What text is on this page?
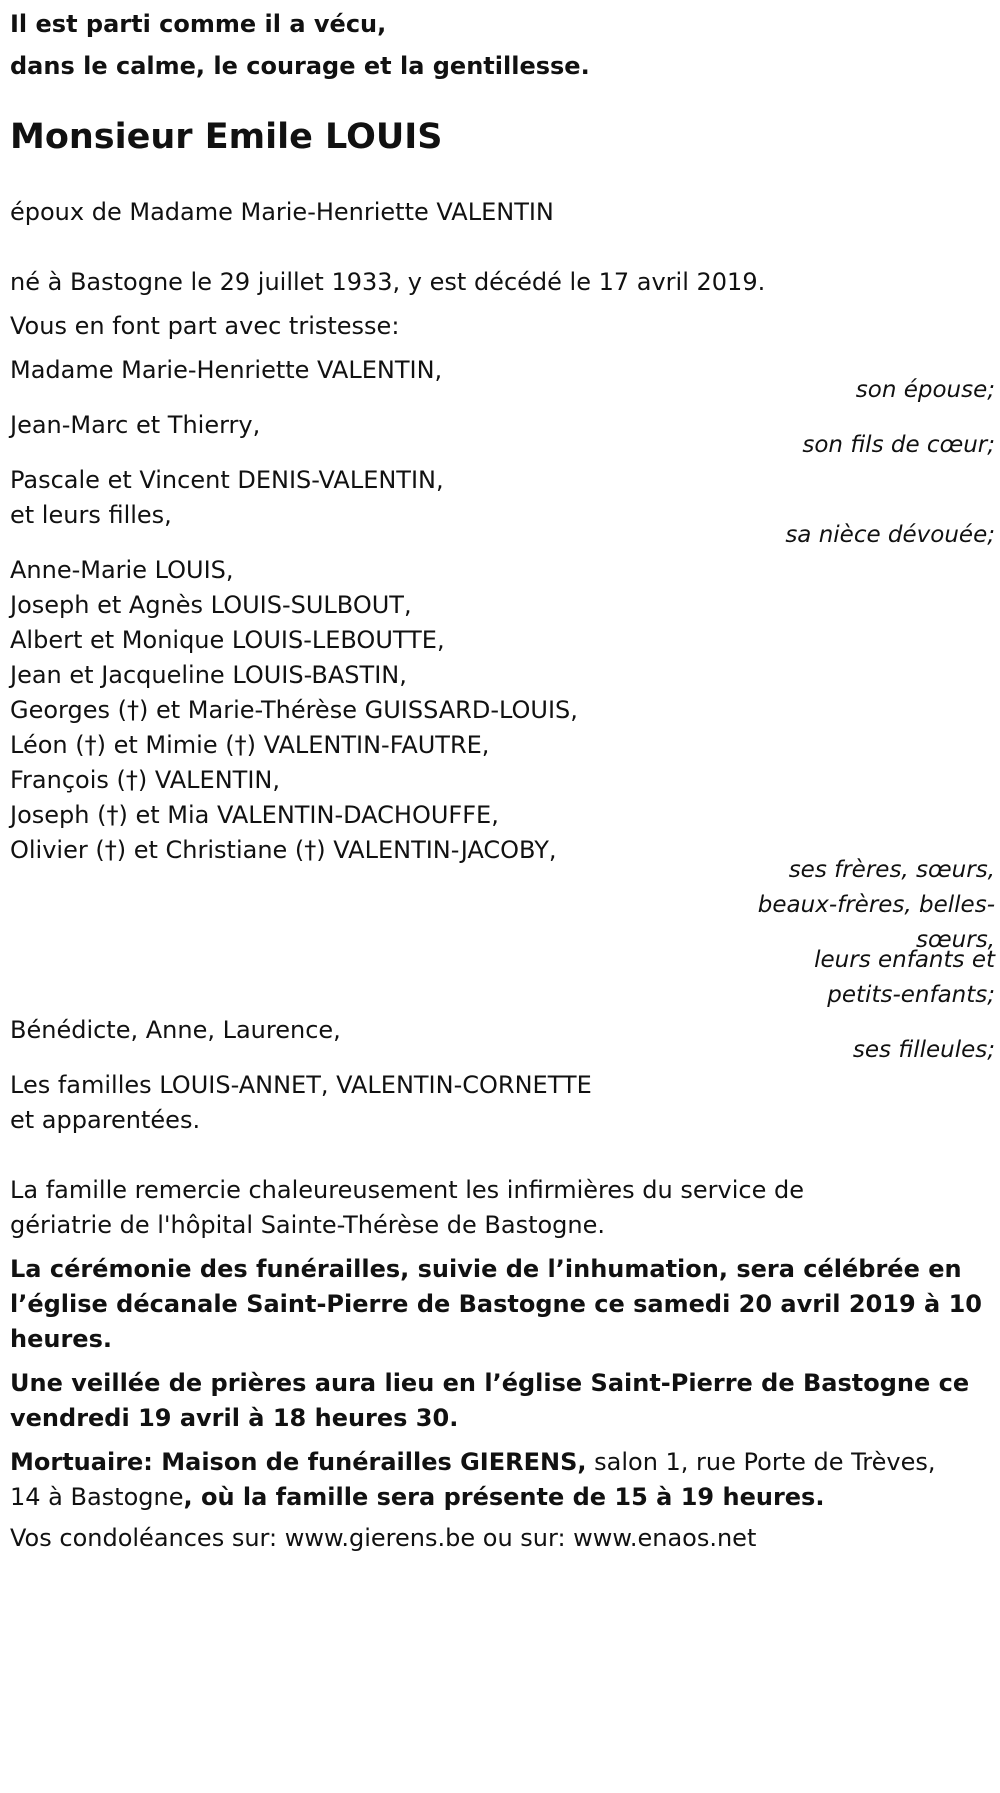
Il est parti comme il a vécu,
dans le calme, le courage et la gentillesse.
Monsieur Emile LOUIS
époux de Madame Marie-Henriette VALENTIN
né à Bastogne le 29 juillet 1933, y est décédé le 17 avril 2019.
Vous en font part avec tristesse:
Madame Marie-Henriette VALENTIN,
son épouse;
Jean-Marc et Thierry,
son fils de cœur;
Pascale et Vincent DENIS-VALENTIN,
et leurs filles,
sa nièce dévouée;
Anne-Marie LOUIS,
Joseph et Agnès LOUIS-SULBOUT,
Albert et Monique LOUIS-LEBOUTTE,
Jean et Jacqueline LOUIS-BASTIN,
Georges (†) et Marie-Thérèse GUISSARD-LOUIS,
Léon (†) et Mimie (†) VALENTIN-FAUTRE,
François (†) VALENTIN,
Joseph (†) et Mia VALENTIN-DACHOUFFE,
Olivier (†) et Christiane (†) VALENTIN-JACOBY,
ses frères, sœurs,
beaux-frères, belles-
sœurs,
leurs enfants et
petits-enfants;
Bénédicte, Anne, Laurence,
ses filleules;
Les familles LOUIS-ANNET, VALENTIN-CORNETTE
et apparentées.
La famille remercie chaleureusement les infirmières du service de
gériatrie de l'hôpital Sainte-Thérèse de Bastogne.
La cérémonie des funérailles, suivie de l’inhumation, sera célébrée en
l’église décanale Saint-Pierre de Bastogne ce samedi 20 avril 2019 à 10
heures.
Une veillée de prières aura lieu en l’église Saint-Pierre de Bastogne ce
vendredi 19 avril à 18 heures 30.
Mortuaire: Maison de funérailles GIERENS, salon 1, rue Porte de Trèves,
14 à Bastogne, où la famille sera présente de 15 à 19 heures.
Vos condoléances sur: www.gierens.be ou sur: www.enaos.net
